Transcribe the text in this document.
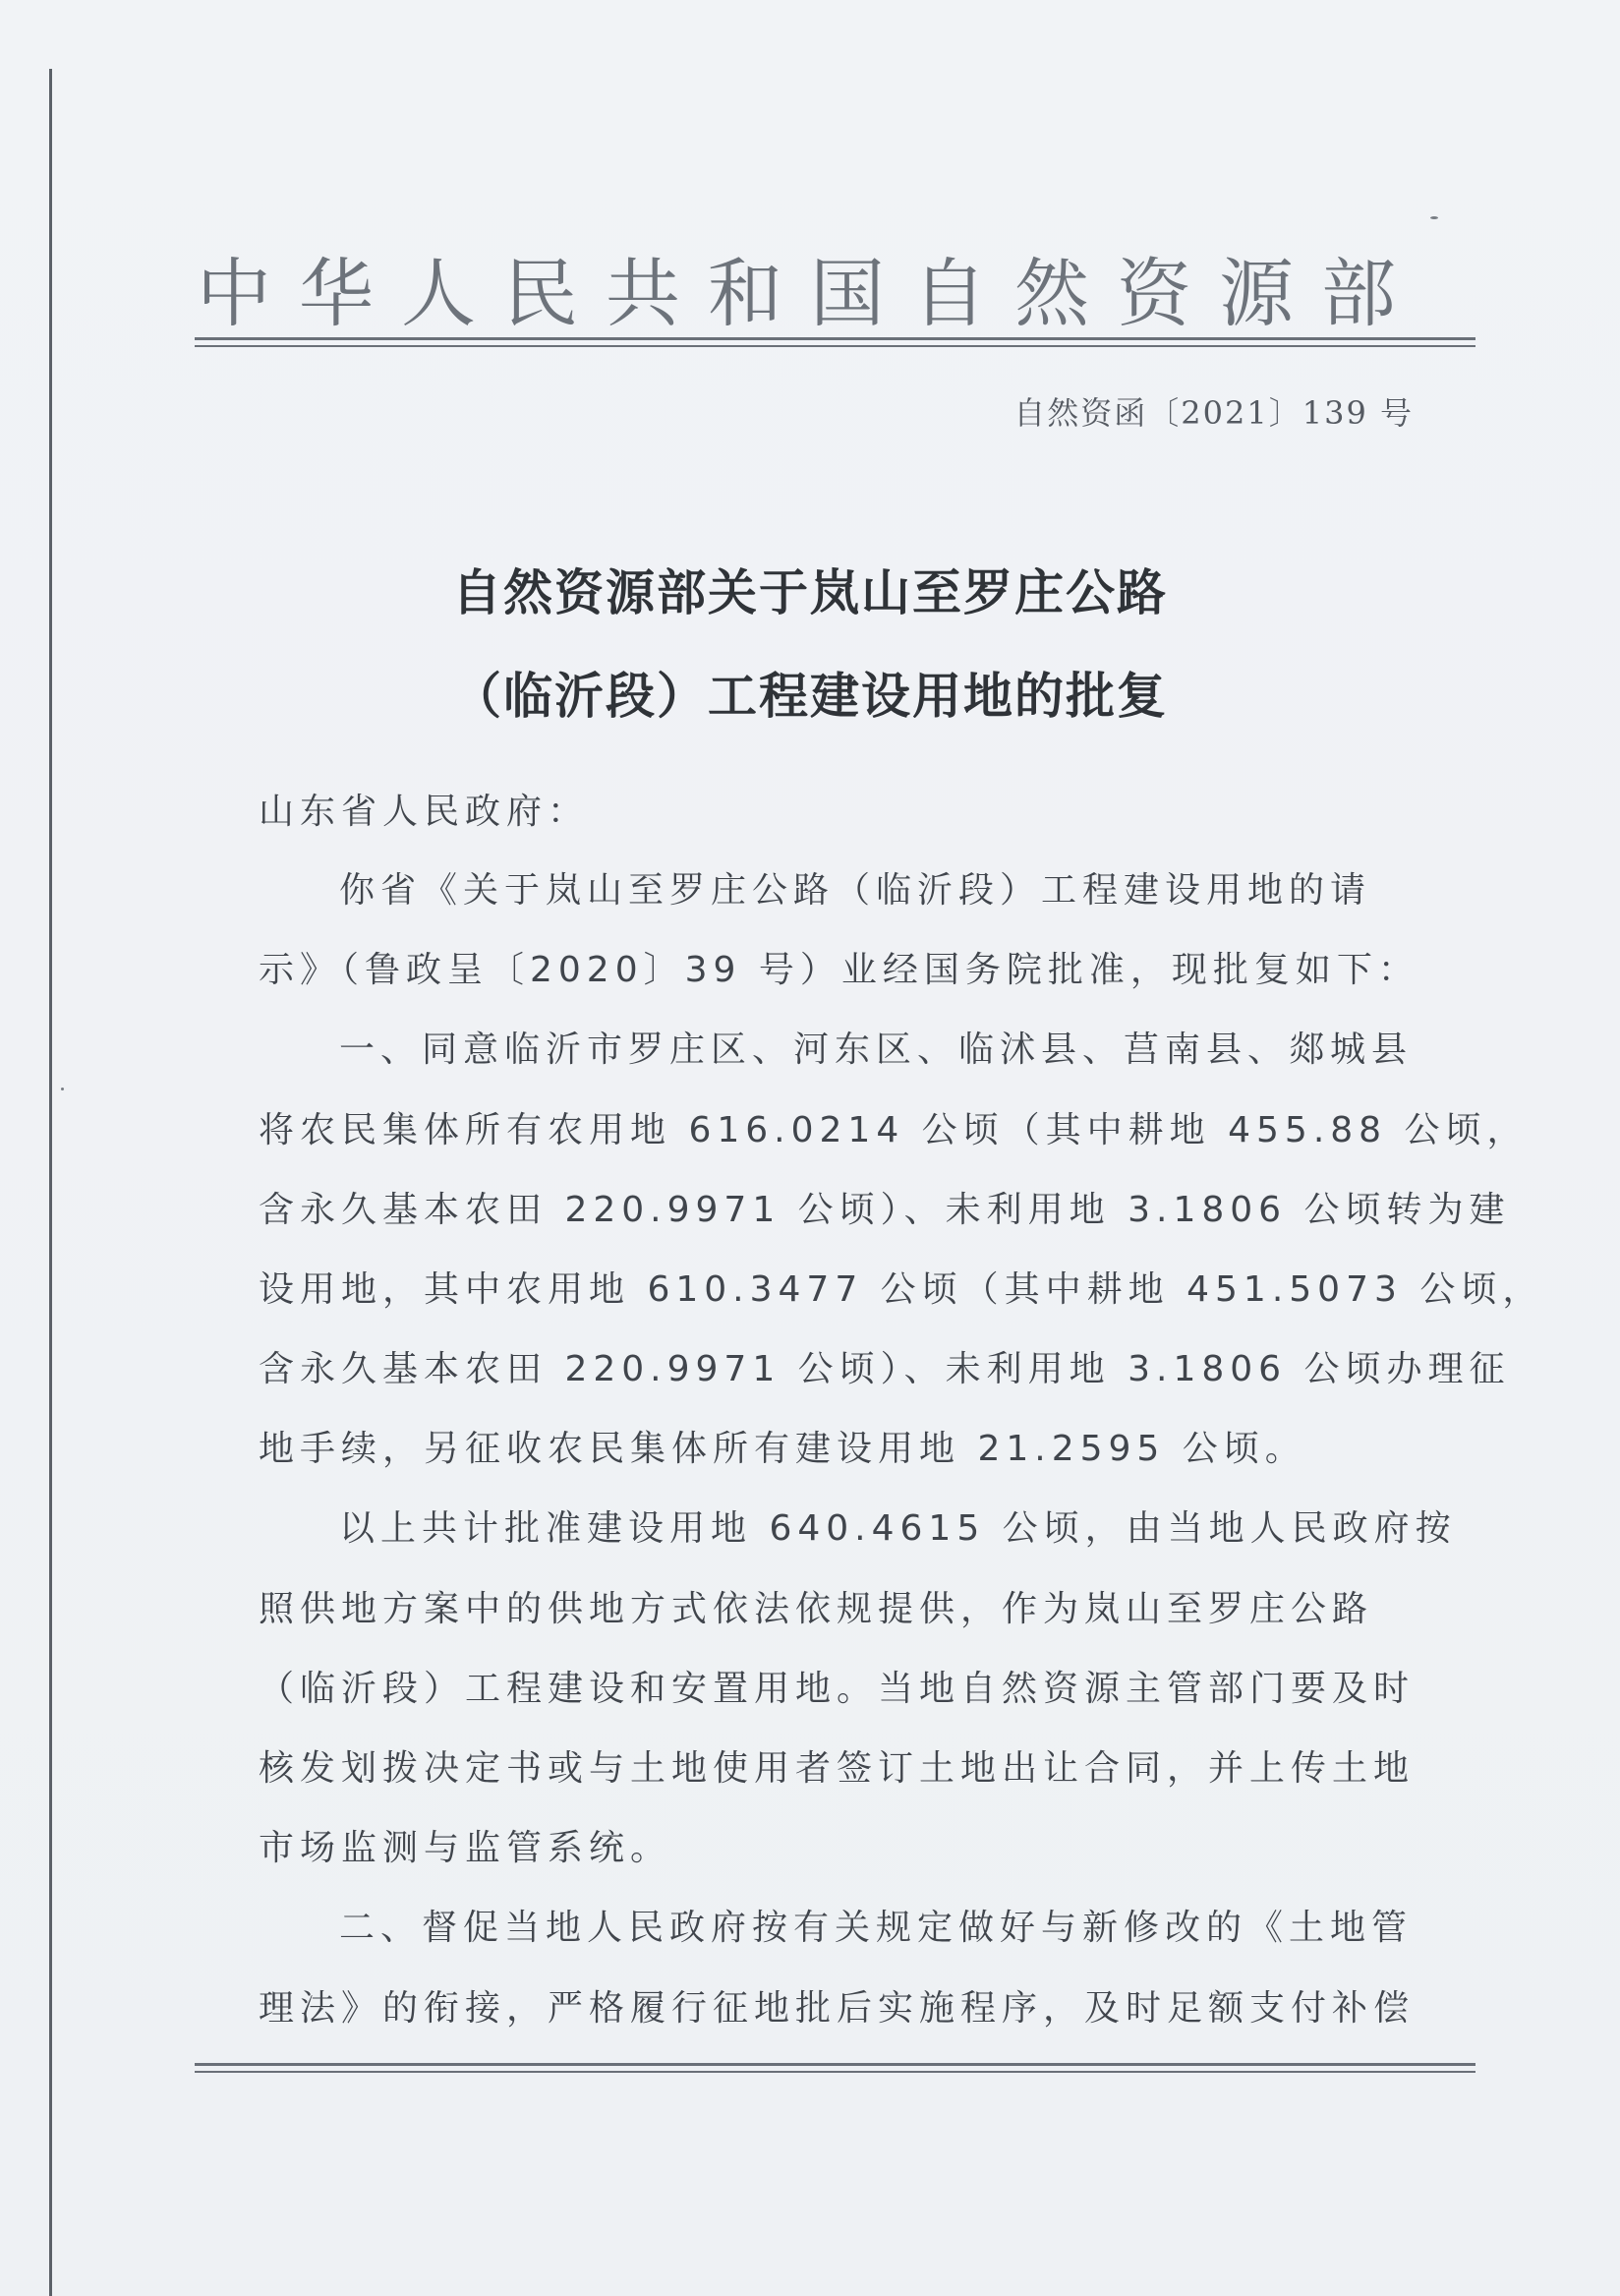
中华人民共和国自然资源部
自然资函〔2021〕139 号
自然资源部关于岚山至罗庄公路
（临沂段）工程建设用地的批复
山东省人民政府：
你省《关于岚山至罗庄公路（临沂段）工程建设用地的请
示》（鲁政呈〔2020〕39 号）业经国务院批准，现批复如下：
一、同意临沂市罗庄区、河东区、临沭县、莒南县、郯城县
将农民集体所有农用地 616.0214 公顷（其中耕地 455.88 公顷，
含永久基本农田 220.9971 公顷）、未利用地 3.1806 公顷转为建
设用地，其中农用地 610.3477 公顷（其中耕地 451.5073 公顷，
含永久基本农田 220.9971 公顷）、未利用地 3.1806 公顷办理征
地手续，另征收农民集体所有建设用地 21.2595 公顷。
以上共计批准建设用地 640.4615 公顷，由当地人民政府按
照供地方案中的供地方式依法依规提供，作为岚山至罗庄公路
（临沂段）工程建设和安置用地。当地自然资源主管部门要及时
核发划拨决定书或与土地使用者签订土地出让合同，并上传土地
市场监测与监管系统。
二、督促当地人民政府按有关规定做好与新修改的《土地管
理法》的衔接，严格履行征地批后实施程序，及时足额支付补偿
